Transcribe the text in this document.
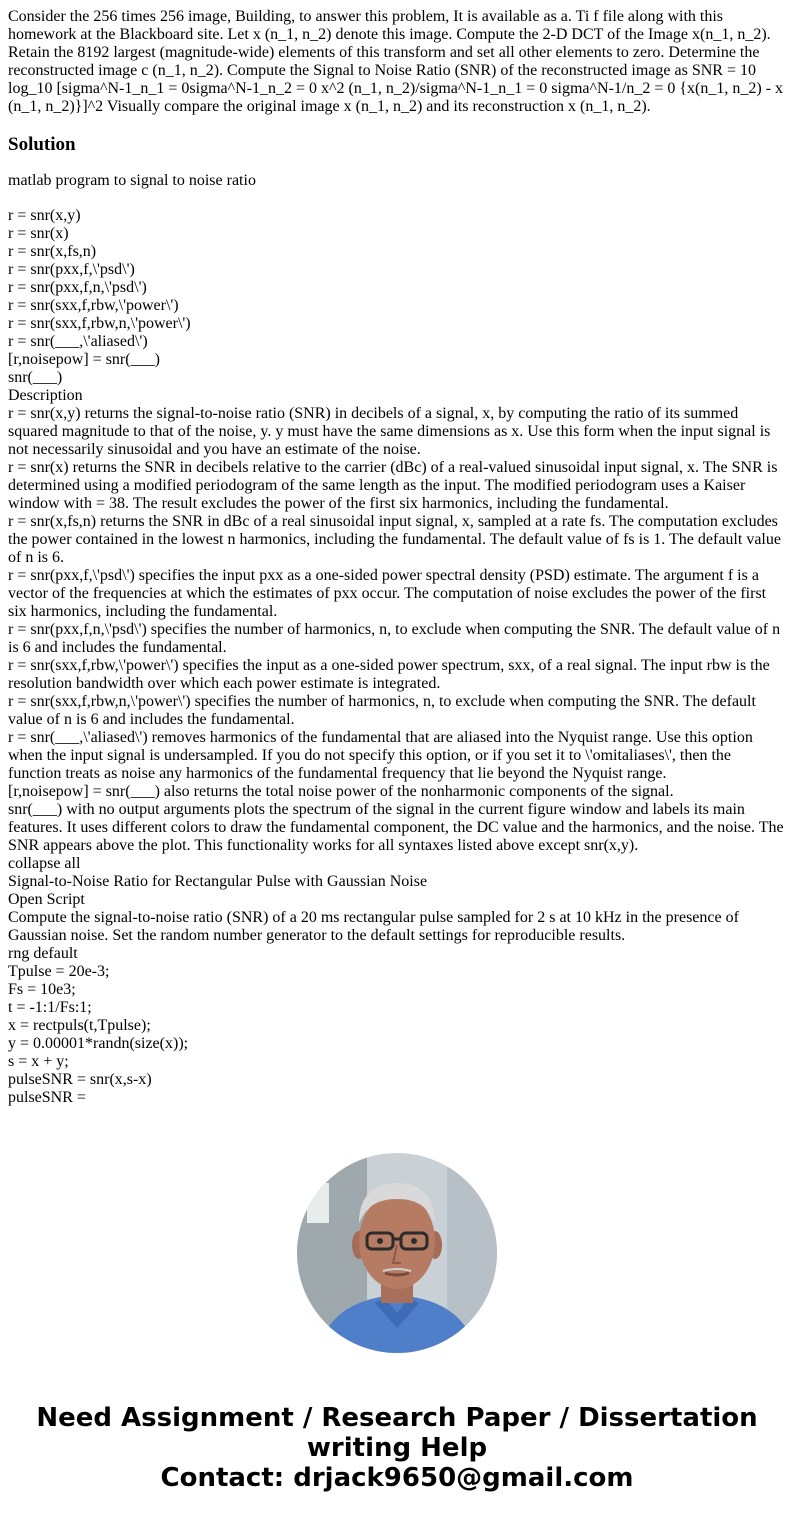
Consider the 256 times 256 image, Building, to answer this problem, It is available as a. Ti f file along with this homework at the Blackboard site. Let x (n_1, n_2) denote this image. Compute the 2-D DCT of the Image x(n_1, n_2). Retain the 8192 largest (magnitude-wide) elements of this transform and set all other elements to zero. Determine the reconstructed image c (n_1, n_2). Compute the Signal to Noise Ratio (SNR) of the reconstructed image as SNR = 10 log_10 [sigma^N-1_n_1 = 0sigma^N-1_n_2 = 0 x^2 (n_1, n_2)/sigma^N-1_n_1 = 0 sigma^N-1/n_2 = 0 {x(n_1, n_2) - x (n_1, n_2)}]^2 Visually compare the original image x (n_1, n_2) and its reconstruction x (n_1, n_2).

Solution

matlab program to signal to noise ratio

r = snr(x,y)
r = snr(x)
r = snr(x,fs,n)
r = snr(pxx,f,\'psd\')
r = snr(pxx,f,n,\'psd\')
r = snr(sxx,f,rbw,\'power\')
r = snr(sxx,f,rbw,n,\'power\')
r = snr(___,\'aliased\')
[r,noisepow] = snr(___)
snr(___)
Description
r = snr(x,y) returns the signal-to-noise ratio (SNR) in decibels of a signal, x, by computing the ratio of its summed squared magnitude to that of the noise, y. y must have the same dimensions as x. Use this form when the input signal is not necessarily sinusoidal and you have an estimate of the noise.
r = snr(x) returns the SNR in decibels relative to the carrier (dBc) of a real-valued sinusoidal input signal, x. The SNR is determined using a modified periodogram of the same length as the input. The modified periodogram uses a Kaiser window with = 38. The result excludes the power of the first six harmonics, including the fundamental.
r = snr(x,fs,n) returns the SNR in dBc of a real sinusoidal input signal, x, sampled at a rate fs. The computation excludes the power contained in the lowest n harmonics, including the fundamental. The default value of fs is 1. The default value of n is 6.
r = snr(pxx,f,\'psd\') specifies the input pxx as a one-sided power spectral density (PSD) estimate. The argument f is a vector of the frequencies at which the estimates of pxx occur. The computation of noise excludes the power of the first six harmonics, including the fundamental.
r = snr(pxx,f,n,\'psd\') specifies the number of harmonics, n, to exclude when computing the SNR. The default value of n is 6 and includes the fundamental.
r = snr(sxx,f,rbw,\'power\') specifies the input as a one-sided power spectrum, sxx, of a real signal. The input rbw is the resolution bandwidth over which each power estimate is integrated.
r = snr(sxx,f,rbw,n,\'power\') specifies the number of harmonics, n, to exclude when computing the SNR. The default value of n is 6 and includes the fundamental.
r = snr(___,\'aliased\') removes harmonics of the fundamental that are aliased into the Nyquist range. Use this option when the input signal is undersampled. If you do not specify this option, or if you set it to \'omitaliases\', then the function treats as noise any harmonics of the fundamental frequency that lie beyond the Nyquist range.
[r,noisepow] = snr(___) also returns the total noise power of the nonharmonic components of the signal.
snr(___) with no output arguments plots the spectrum of the signal in the current figure window and labels its main features. It uses different colors to draw the fundamental component, the DC value and the harmonics, and the noise. The SNR appears above the plot. This functionality works for all syntaxes listed above except snr(x,y).
collapse all
Signal-to-Noise Ratio for Rectangular Pulse with Gaussian Noise
Open Script
Compute the signal-to-noise ratio (SNR) of a 20 ms rectangular pulse sampled for 2 s at 10 kHz in the presence of Gaussian noise. Set the random number generator to the default settings for reproducible results.
rng default
Tpulse = 20e-3;
Fs = 10e3;
t = -1:1/Fs:1;
x = rectpuls(t,Tpulse);
y = 0.00001*randn(size(x));
s = x + y;
pulseSNR = snr(x,s-x)
pulseSNR =
Need Assignment / Research Paper / Dissertation
writing Help
Contact: drjack9650@gmail.com
